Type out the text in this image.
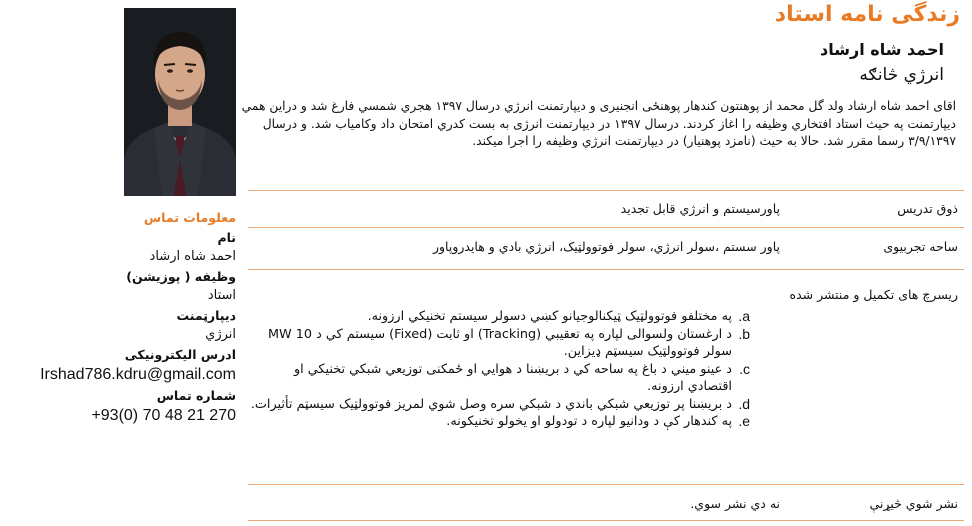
زندگی نامه استاد
احمد شاه ارشاد
انرژي څانګه
اقای احمد شاه ارشاد ولد گل محمد از پوهنتون کندهار پوهنځی انجنیری و دیپارتمنت انرژي درسال ۱۳۹۷ هجري شمسي فارغ شد و دراین همي دیپارتمنت په حیث استاد افتخاري وظیفه را اغاز کردند. درسال ۱۳۹۷ در دیپارتمنت انرژی به بست کدري امتحان داد وکامیاب شد. و درسال ۳/۹/۱۳۹۷ رسما مقرر شد. حالا به حیث (نامزد پوهنیار) در دیپارتمنت انرژي وظیفه را اجرا میکند.
معلومات تماس
نام
احمد شاه ارشاد
وظیفه ( پوزیشن)
استاد
دیپارټمنت
انرژي
ادرس الیکترونیکی
Irshad786.kdru@gmail.com
شماره تماس
+93(0) 70 48 21 270
ذوق تدریس
پاورسیستم و انرژي قابل تجدید
ساحه تجربیوی
پاور سستم ،سولر انرژي، سولر فوتوولټیک، انرژي بادي و هایدروپاور
ریسرچ های تکمیل و منتشر شده
a.
په مختلفو فوتوولټیک ټیکنالوجیانو کښي دسولر سیستم تخنیکي ارزونه.
b.
د ارغستان ولسوالی لپاره په تعقیبي (Tracking) او ثابت (Fixed) سیستم کي د 10 MW سولر فوتوولټیک سیسټم ډیزاین.
c.
د عینو میني د باغ په ساحه کي د بریښنا د هوایي او ځمکنی توزیعي شبکي تخنیکي او اقتصادي ارزونه.
d.
د بریښنا پر توزیعي شبکي باندي د شبکي سره وصل شوي لمریز فوتوولټیک سیسټم تأثیرات.
e.
په کندهار کې د ودانیو لپاره د تودولو او یخولو تخنیکونه.
نشر شوي څیړنې
نه دي نشر سوي.
